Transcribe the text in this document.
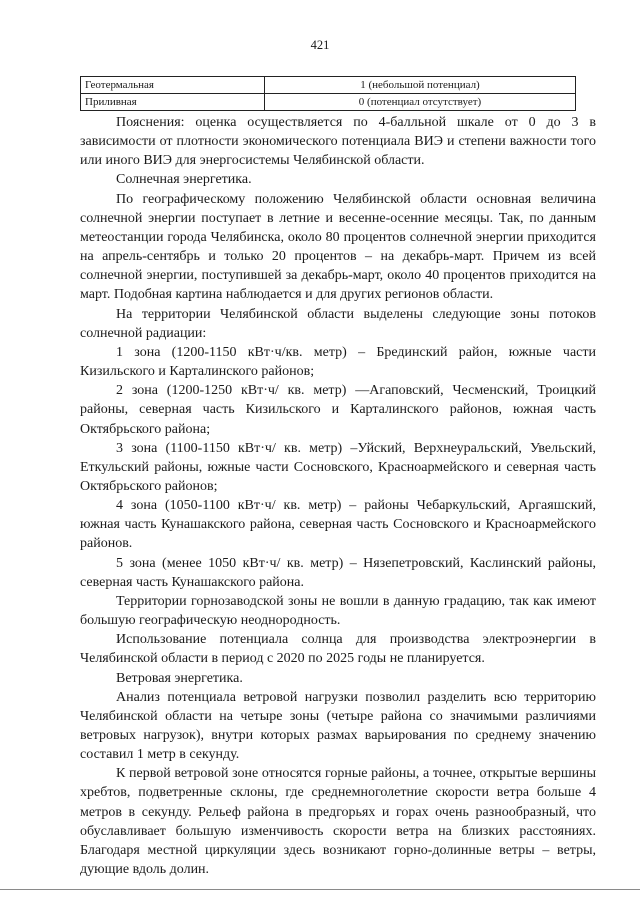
421
Геотермальная	1 (небольшой потенциал)
Приливная	0 (потенциал отсутствует)

Пояснения: оценка осуществляется по 4-балльной шкале от 0 до 3 в зависимости от плотности экономического потенциала ВИЭ и степени важности того или иного ВИЭ для энергосистемы Челябинской области.

Солнечная энергетика.

По географическому положению Челябинской области основная величина солнечной энергии поступает в летние и весенне-осенние месяцы. Так, по данным метеостанции города Челябинска, около 80 процентов солнечной энергии приходится на апрель-сентябрь и только 20 процентов – на декабрь-март. Причем из всей солнечной энергии, поступившей за декабрь-март, около 40 процентов приходится на март. Подобная картина наблюдается и для других регионов области.

На территории Челябинской области выделены следующие зоны потоков солнечной радиации:

1 зона (1200-1150 кВт·ч/кв. метр) – Брединский район, южные части Кизильского и Карталинского районов;

2 зона (1200-1250 кВт·ч/ кв. метр) —Агаповский, Чесменский, Троицкий районы, северная часть Кизильского и Карталинского районов, южная часть Октябрьского района;

3 зона (1100-1150 кВт·ч/ кв. метр) –Уйский, Верхнеуральский, Увельский, Еткульский районы, южные части Сосновского, Красноармейского и северная часть Октябрьского районов;

4 зона (1050-1100 кВт·ч/ кв. метр) – районы Чебаркульский, Аргаяшский, южная часть Кунашакского района, северная часть Сосновского и Красноармейского районов.

5 зона (менее 1050 кВт·ч/ кв. метр) – Нязепетровский, Каслинский районы, северная часть Кунашакского района.

Территории горнозаводской зоны не вошли в данную градацию, так как имеют большую географическую неоднородность.

Использование потенциала солнца для производства электроэнергии в Челябинской области в период с 2020 по 2025 годы не планируется.

Ветровая энергетика.

Анализ потенциала ветровой нагрузки позволил разделить всю территорию Челябинской области на четыре зоны (четыре района со значимыми различиями ветровых нагрузок), внутри которых размах варьирования по среднему значению составил 1 метр в секунду.

К первой ветровой зоне относятся горные районы, а точнее, открытые вершины хребтов, подветренные склоны, где среднемноголетние скорости ветра больше 4 метров в секунду. Рельеф района в предгорьях и горах очень разнообразный, что обуславливает большую изменчивость скорости ветра на близких расстояниях. Благодаря местной циркуляции здесь возникают горно-долинные ветры – ветры, дующие вдоль долин.
